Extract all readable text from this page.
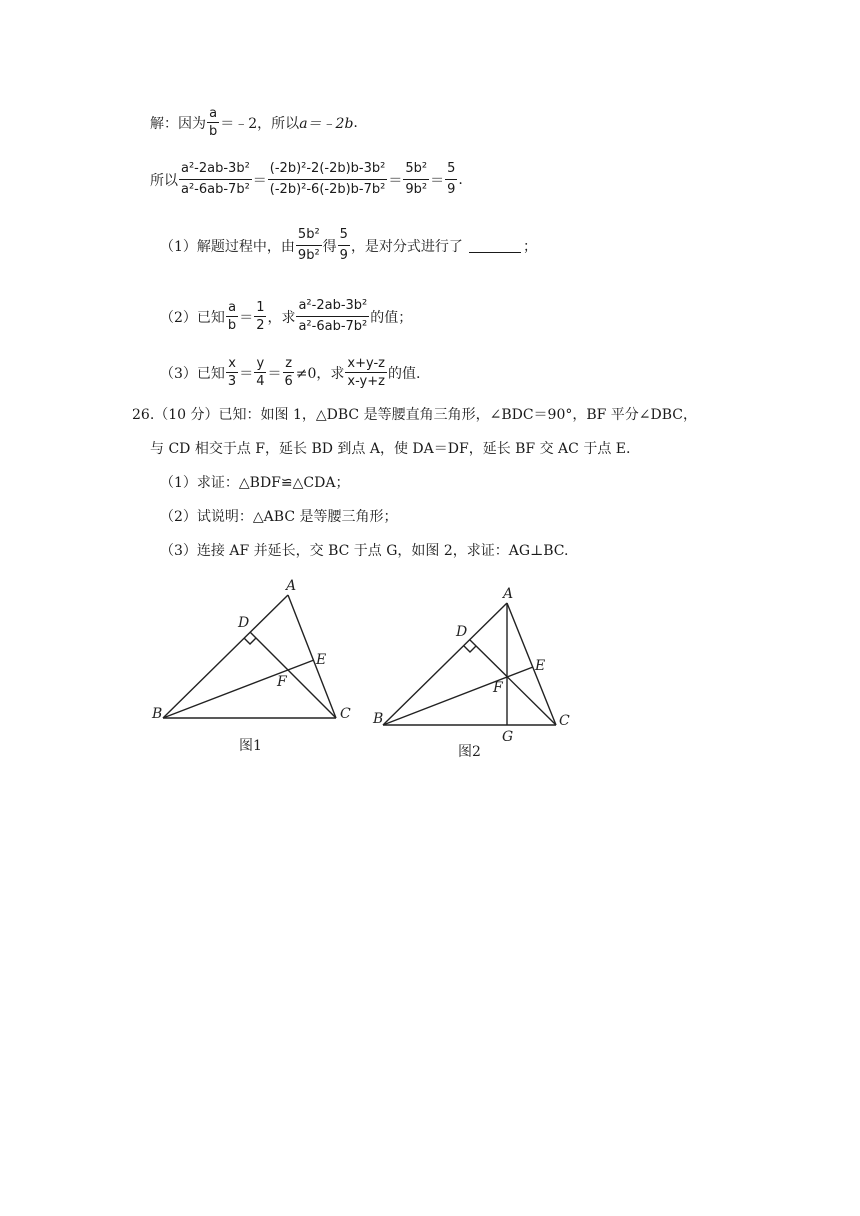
解：因为 $\frac{a}{b}$ ＝﹣2，所以 a＝﹣2b .
所以 $\frac{\text{a²-2ab-3b²}}{\text{a²-6ab-7b²}} = \frac{\text{(-2b)²-2(-2b)b-3b²}}{\text{(-2b)²-6(-2b)b-7b²}} = \frac{\text{5b²}}{\text{9b²}} = \frac{5}{9}$ .
（1）解题过程中，由 $\frac{\text{5b²}}{\text{9b²}}$ 得 $\frac{5}{9}$ ，是对分式进行了	；
（2）已知 $\frac{a}{b} = \frac{1}{2}$ ，求 $\frac{\text{a²-2ab-3b²}}{\text{a²-6ab-7b²}}$ 的值；
（3）已知 $\frac{x}{3} = \frac{y}{4} = \frac{z}{6} \ne 0$，求 $\frac{x+y-z}{x-y+z}$ 的值.
26.（10 分）已知：如图 1，△DBC 是等腰直角三角形，∠BDC＝90°，BF 平分∠DBC，
与 CD 相交于点 F，延长 BD 到点 A，使 DA＝DF，延长 BF 交 AC 于点 E.
（1）求证：△BDF≌△CDA；
（2）试说明：△ABC 是等腰三角形；
（3）连接 AF 并延长，交 BC 于点 G，如图 2，求证：AG⊥BC.
A
D
E
F
B	C
图1
A
D
E
F
B	C
G
图2
